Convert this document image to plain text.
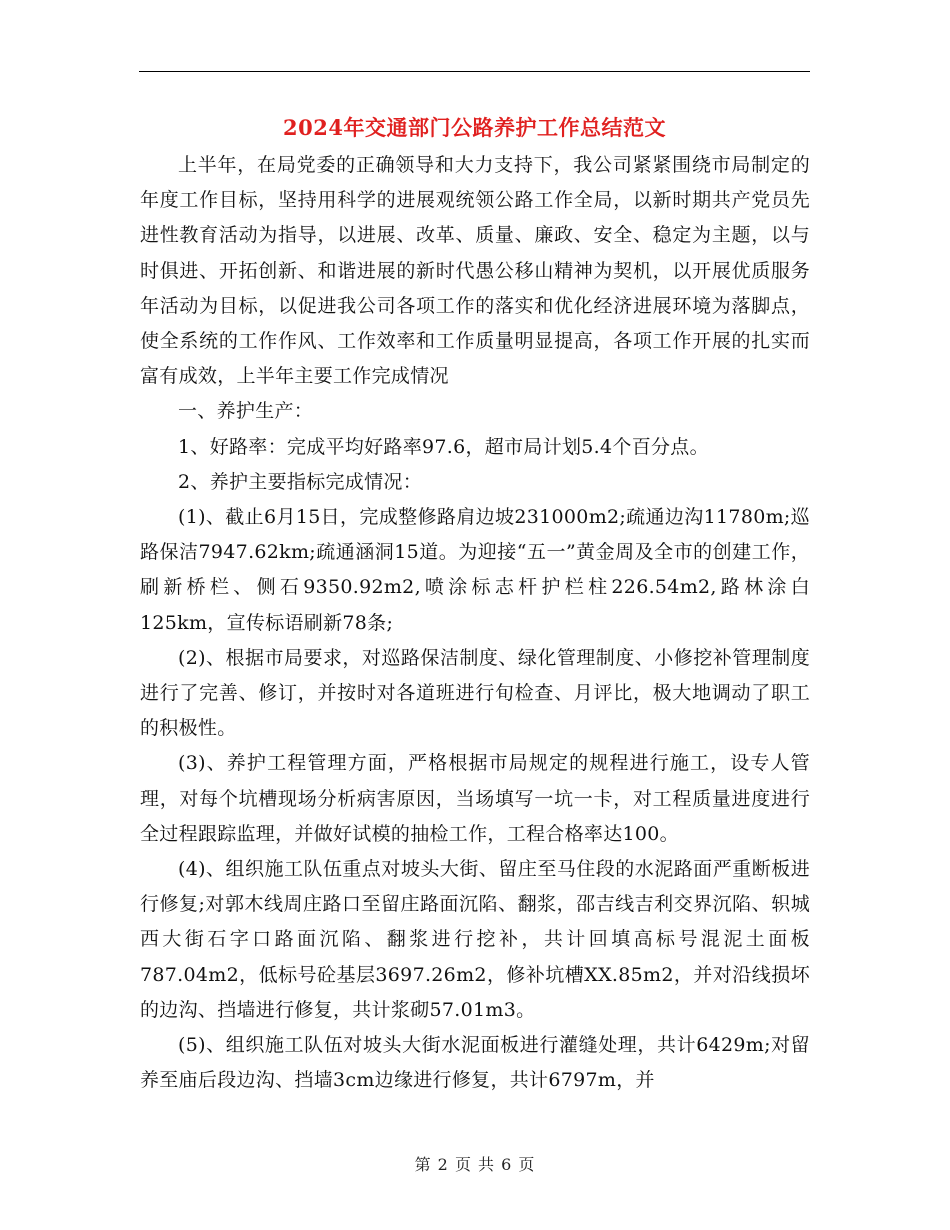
2024年交通部门公路养护工作总结范文

上半年，在局党委的正确领导和大力支持下，我公司紧紧围绕市局制定的年度工作目标，坚持用科学的进展观统领公路工作全局，以新时期共产党员先进性教育活动为指导，以进展、改革、质量、廉政、安全、稳定为主题，以与时俱进、开拓创新、和谐进展的新时代愚公移山精神为契机，以开展优质服务年活动为目标，以促进我公司各项工作的落实和优化经济进展环境为落脚点，使全系统的工作作风、工作效率和工作质量明显提高，各项工作开展的扎实而富有成效，上半年主要工作完成情况

一、养护生产：

1、好路率：完成平均好路率97.6，超市局计划5.4个百分点。

2、养护主要指标完成情况：

(1)、截止6月15日，完成整修路肩边坡231000m2;疏通边沟11780m;巡路保洁7947.62km;疏通涵洞15道。为迎接“五一”黄金周及全市的创建工作，刷新桥栏、侧石9350.92m2,喷涂标志杆护栏柱226.54m2,路林涂白125km，宣传标语刷新78条;

(2)、根据市局要求，对巡路保洁制度、绿化管理制度、小修挖补管理制度进行了完善、修订，并按时对各道班进行旬检查、月评比，极大地调动了职工的积极性。

(3)、养护工程管理方面，严格根据市局规定的规程进行施工，设专人管理，对每个坑槽现场分析病害原因，当场填写一坑一卡，对工程质量进度进行全过程跟踪监理，并做好试模的抽检工作，工程合格率达100。

(4)、组织施工队伍重点对坡头大街、留庄至马住段的水泥路面严重断板进行修复;对郭木线周庄路口至留庄路面沉陷、翻浆，邵吉线吉利交界沉陷、轵城西大街石字口路面沉陷、翻浆进行挖补，共计回填高标号混泥土面板787.04m2，低标号砼基层3697.26m2，修补坑槽XX.85m2，并对沿线损坏的边沟、挡墙进行修复，共计浆砌57.01m3。

(5)、组织施工队伍对坡头大街水泥面板进行灌缝处理，共计6429m;对留养至庙后段边沟、挡墙3cm边缘进行修复，共计6797m，并

第 2 页 共 6 页
